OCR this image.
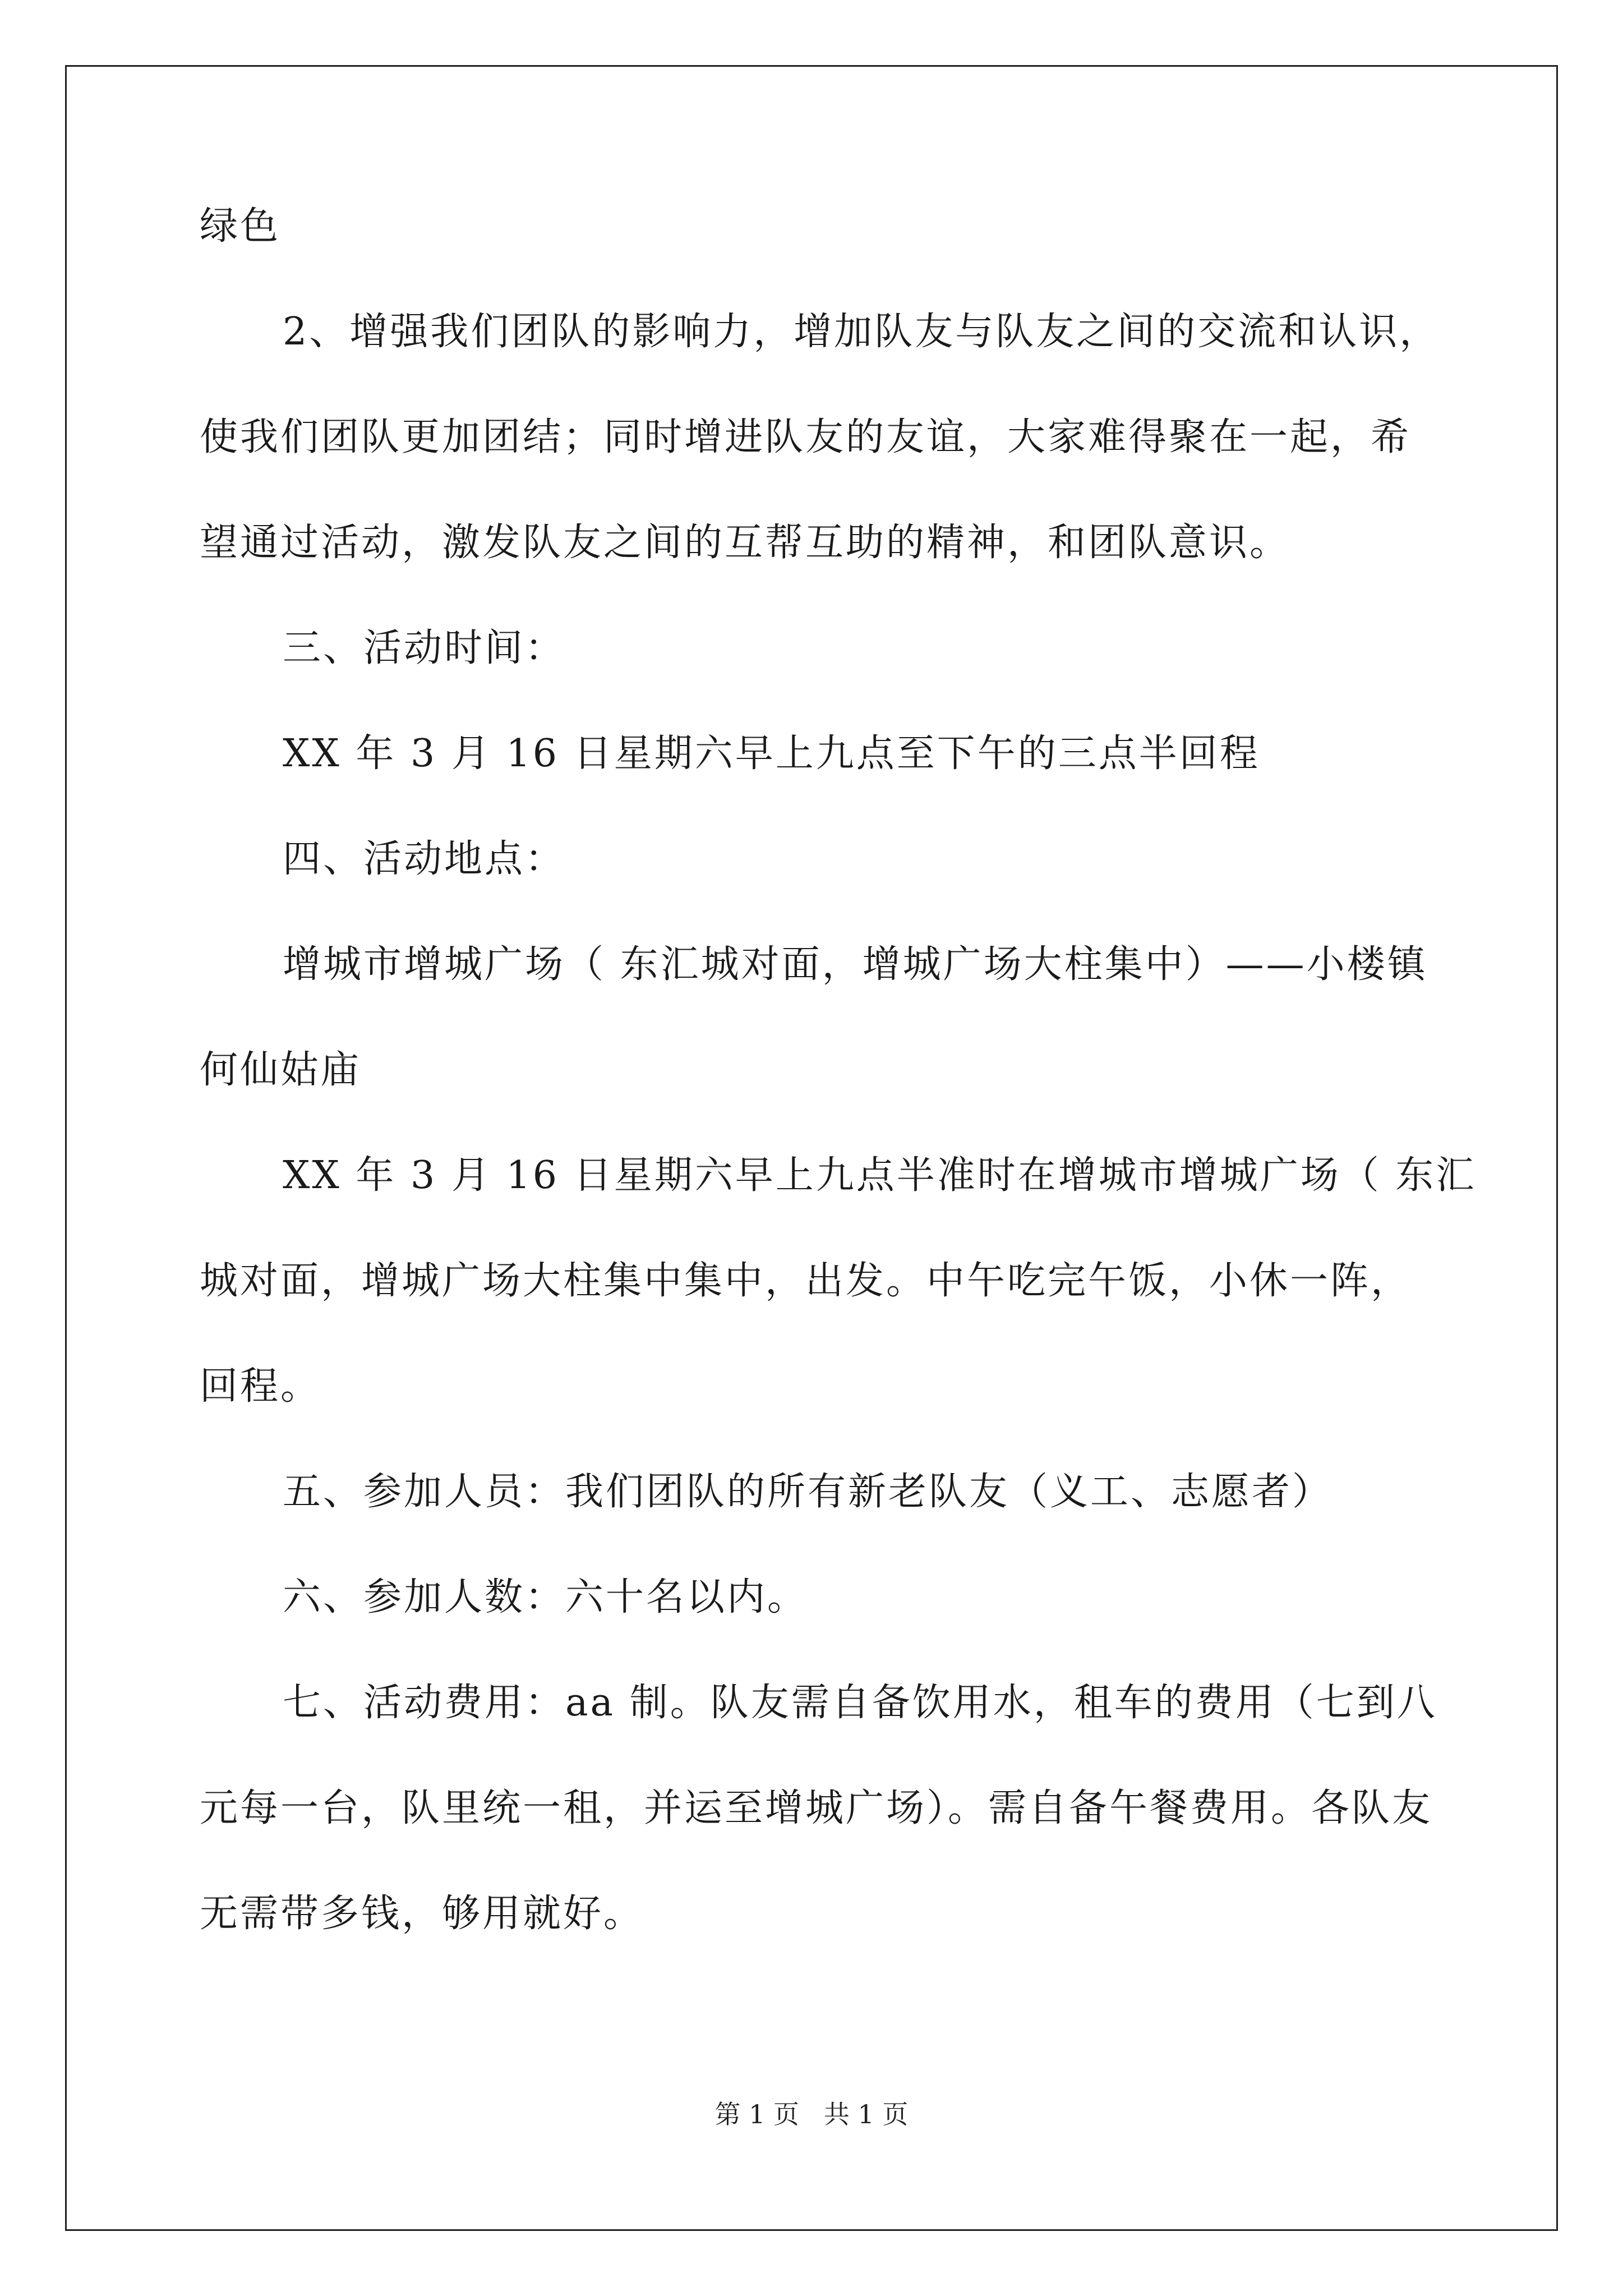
绿色
2、增强我们团队的影响力，增加队友与队友之间的交流和认识，
使我们团队更加团结；同时增进队友的友谊，大家难得聚在一起，希
望通过活动，激发队友之间的互帮互助的精神，和团队意识。
三、活动时间：
XX 年 3 月 16 日星期六早上九点至下午的三点半回程
四、活动地点：
增城市增城广场（ 东汇城对面，增城广场大柱集中）——小楼镇
何仙姑庙
XX 年 3 月 16 日星期六早上九点半准时在增城市增城广场（ 东汇
城对面，增城广场大柱集中集中，出发。中午吃完午饭，小休一阵，
回程。
五、参加人员：我们团队的所有新老队友（义工、志愿者）
六、参加人数：六十名以内。
七、活动费用：aa 制。队友需自备饮用水，租车的费用（七到八
元每一台，队里统一租，并运至增城广场）。需自备午餐费用。各队友
无需带多钱，够用就好。
第 1 页   共 1 页
